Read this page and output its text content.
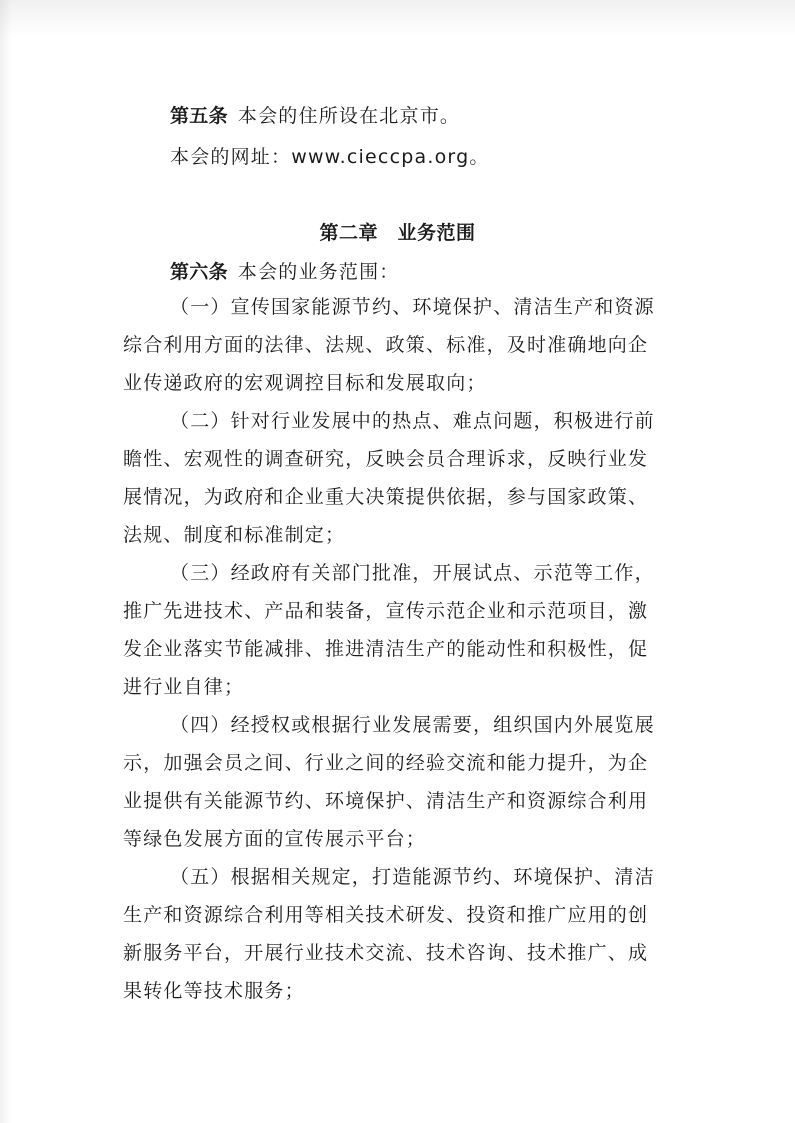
第五条 本会的住所设在北京市。
本会的网址：www.cieccpa.org。
第二章　业务范围
第六条 本会的业务范围：
（一）宣传国家能源节约、环境保护、清洁生产和资源
综合利用方面的法律、法规、政策、标准，及时准确地向企
业传递政府的宏观调控目标和发展取向；
（二）针对行业发展中的热点、难点问题，积极进行前
瞻性、宏观性的调查研究，反映会员合理诉求，反映行业发
展情况，为政府和企业重大决策提供依据，参与国家政策、
法规、制度和标准制定；
（三）经政府有关部门批准，开展试点、示范等工作，
推广先进技术、产品和装备，宣传示范企业和示范项目，激
发企业落实节能减排、推进清洁生产的能动性和积极性，促
进行业自律；
（四）经授权或根据行业发展需要，组织国内外展览展
示，加强会员之间、行业之间的经验交流和能力提升，为企
业提供有关能源节约、环境保护、清洁生产和资源综合利用
等绿色发展方面的宣传展示平台；
（五）根据相关规定，打造能源节约、环境保护、清洁
生产和资源综合利用等相关技术研发、投资和推广应用的创
新服务平台，开展行业技术交流、技术咨询、技术推广、成
果转化等技术服务；
